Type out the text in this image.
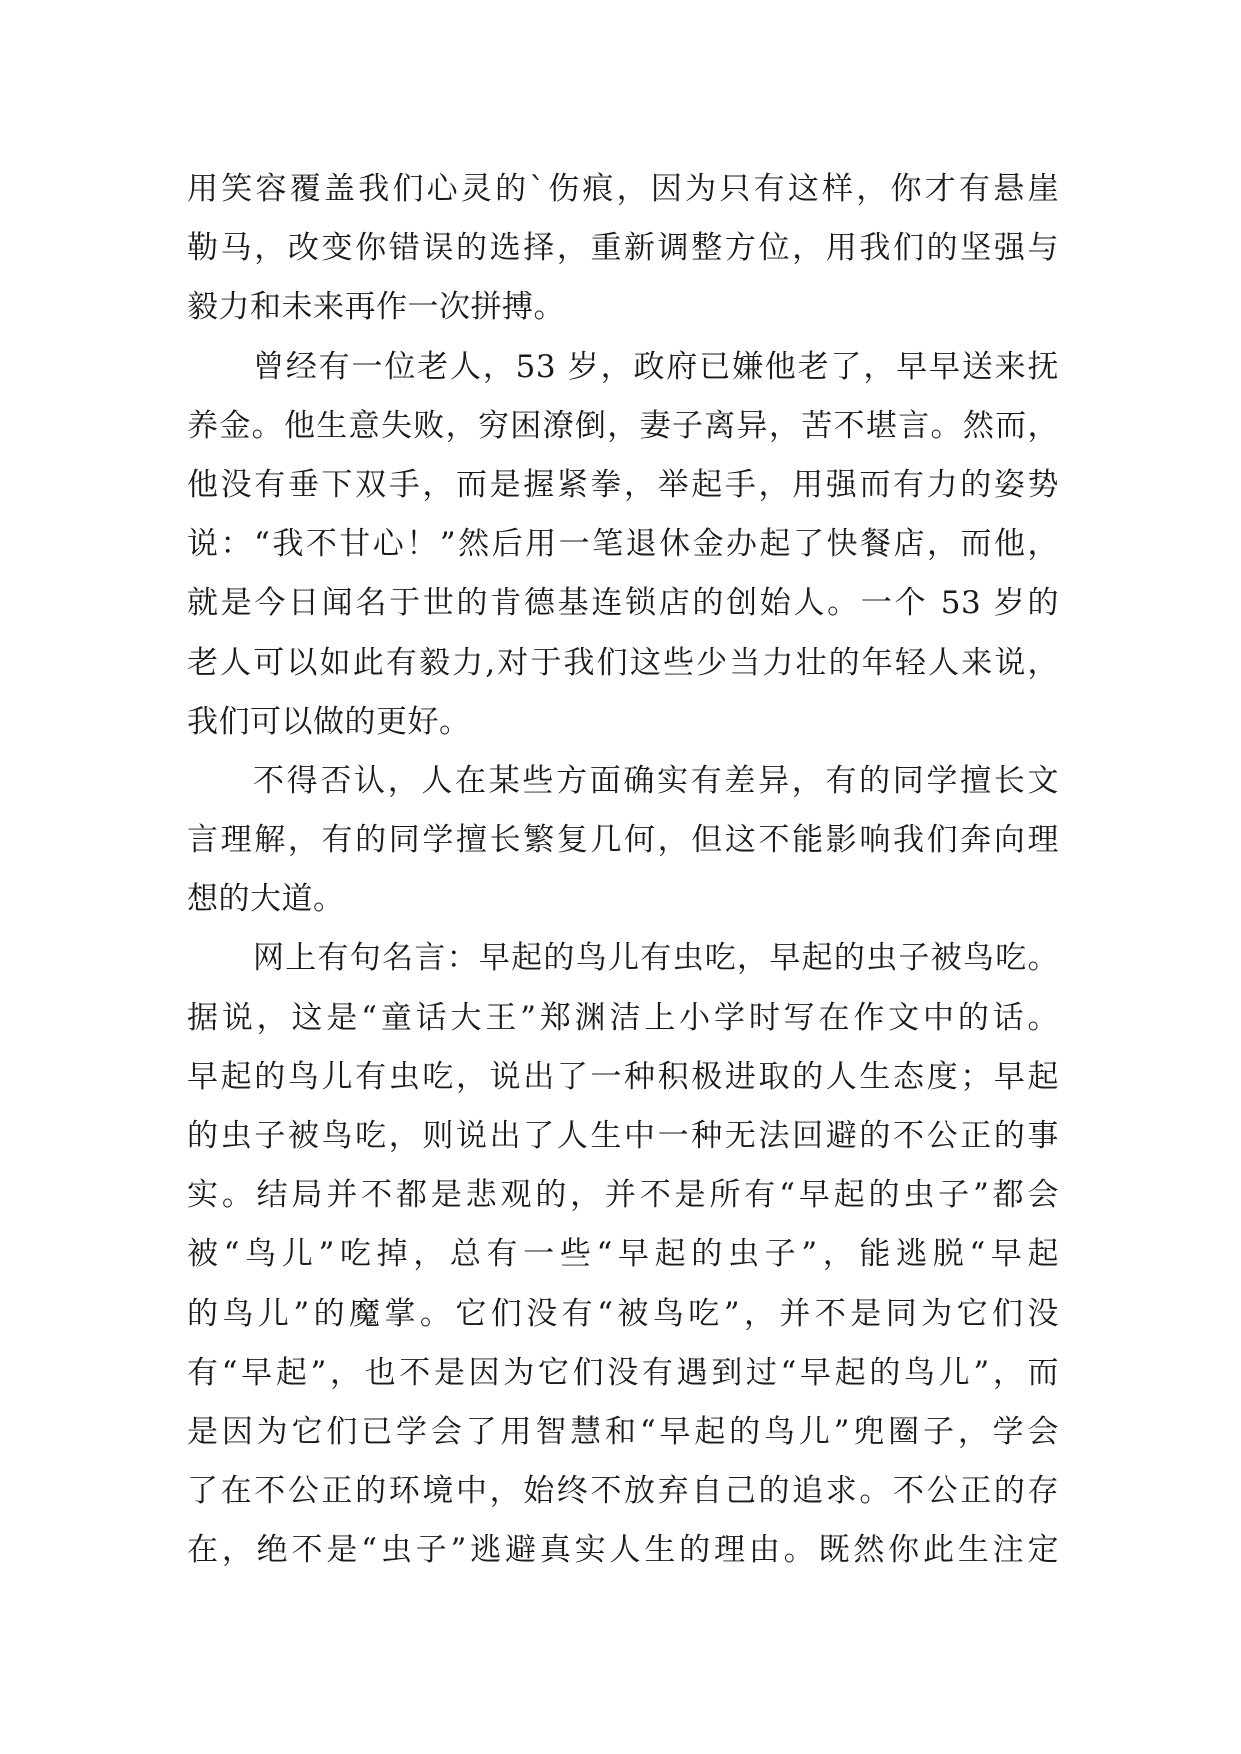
用笑容覆盖我们心灵的`伤痕，因为只有这样，你才有悬崖
勒马，改变你错误的选择，重新调整方位，用我们的坚强与
毅力和未来再作一次拼搏。
曾经有一位老人，53 岁，政府已嫌他老了，早早送来抚
养金。他生意失败，穷困潦倒，妻子离异，苦不堪言。然而，
他没有垂下双手，而是握紧拳，举起手，用强而有力的姿势
说：“我不甘心！”然后用一笔退休金办起了快餐店，而他，
就是今日闻名于世的肯德基连锁店的创始人。一个 53 岁的
老人可以如此有毅力,对于我们这些少当力壮的年轻人来说，
我们可以做的更好。
不得否认，人在某些方面确实有差异，有的同学擅长文
言理解，有的同学擅长繁复几何，但这不能影响我们奔向理
想的大道。
网上有句名言：早起的鸟儿有虫吃，早起的虫子被鸟吃。
据说，这是“童话大王”郑渊洁上小学时写在作文中的话。
早起的鸟儿有虫吃，说出了一种积极进取的人生态度；早起
的虫子被鸟吃，则说出了人生中一种无法回避的不公正的事
实。结局并不都是悲观的，并不是所有“早起的虫子”都会
被“鸟儿”吃掉，总有一些“早起的虫子”，能逃脱“早起
的鸟儿”的魔掌。它们没有“被鸟吃”，并不是同为它们没
有“早起”，也不是因为它们没有遇到过“早起的鸟儿”，而
是因为它们已学会了用智慧和“早起的鸟儿”兜圈子，学会
了在不公正的环境中，始终不放弃自己的追求。不公正的存
在，绝不是“虫子”逃避真实人生的理由。既然你此生注定
